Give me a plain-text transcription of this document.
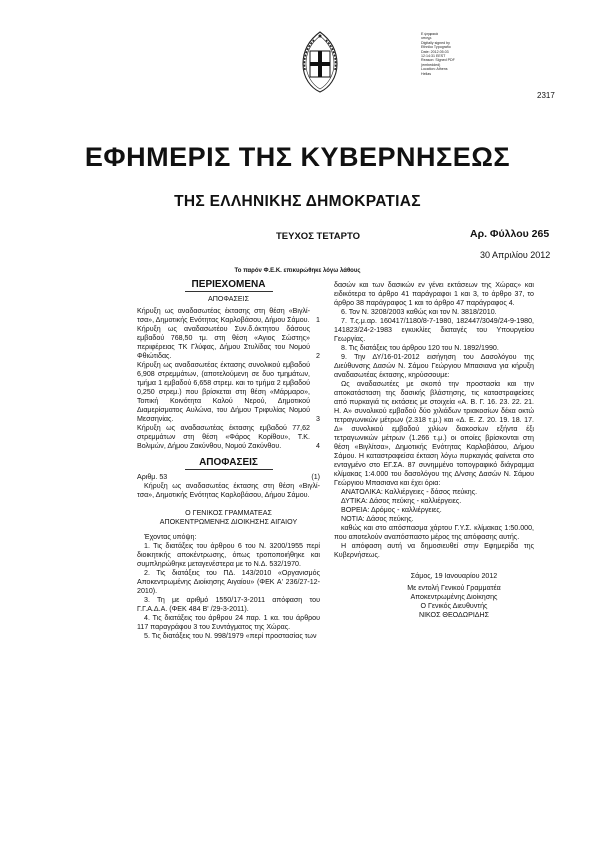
Ε ψηφιακά
υπογρ.
Digitally signed by
Ethniko Typografio
Date: 2012.05.03
12:14:31 EEST
Reason: Signed PDF
(embedded)
Location: Athens
Hellas
2317
ΕΦΗΜΕΡΙΣ ΤΗΣ ΚΥΒΕΡΝΗΣΕΩΣ
ΤΗΣ ΕΛΛΗΝΙΚΗΣ ΔΗΜΟΚΡΑΤΙΑΣ
ΤΕΥΧΟΣ ΤΕΤΑΡΤΟ	Αρ. Φύλλου 265
30 Απριλίου 2012
Το παρόν Φ.Ε.Κ. επικυρώθηκε λόγω λάθους
ΠΕΡΙΕΧΟΜΕΝΑ
ΑΠΟΦΑΣΕΙΣ
Κήρυξη ως αναδασωτέας έκτασης στη θέση «Βιγλί-τσα», Δημοτικής Ενότητας Καρλοβάσου, Δήμου Σάμου. 1
Κήρυξη ως αναδασωτέου Συν.δ.όκτητου δάσους εμβαδού 768,50 τμ. στη θέση «Αγιος Σώστης» περιφέρειας ΤΚ Γλύφας, Δήμου Στυλίδας του Νομού Φθιώτιδας.	2
Κήρυξη ως αναδασωτέας έκτασης συνολικού εμβαδού 6,908 στρεμμάτων, (αποτελούμενη σε δυο τμημάτων, τμήμα 1 εμβαδού 6,658 στρεμ. και το τμήμα 2 εμβαδού 0,250 στρεμ.) που βρίσκεται στη θέση «Μάρμαρο», Τοπική Κοινότητα Καλού Νερού, Δημοτικού Διαμερίσματος Αυλώνα, του Δήμου Τριφυλίας Νομού Μεσσηνίας.	3
Κήρυξη ως αναδασωτέας έκτασης εμβαδού 77,62 στρεμμάτων στη θέση «Φάρος Κορίθου», Τ.Κ. Βολιμών, Δήμου Ζακύνθου, Νομού Ζακύνθου.	4
ΑΠΟΦΑΣΕΙΣ
Αριθμ. 53	(1)

Κήρυξη ως αναδασωτέας έκτασης στη θέση «Βιγλί-τσα», Δημοτικής Ενότητας Καρλοβάσου, Δήμου Σάμου.

Ο ΓΕΝΙΚΟΣ ΓΡΑΜΜΑΤΕΑΣ

ΑΠΟΚΕΝΤΡΩΜΕΝΗΣ ΔΙΟΙΚΗΣΗΣ ΑΙΓΑΙΟΥ

Έχοντας υπόψη:

1. Τις διατάξεις του άρθρου 6 του Ν. 3200/1955 περί διοικητικής αποκέντρωσης, όπως τροποποιήθηκε και συμπληρώθηκε μεταγενέστερα με το Ν.Δ. 532/1970.

2. Τις διατάξεις του ΠΔ. 143/2010 «Οργανισμός Αποκεντρωμένης Διοίκησης Αιγαίου» (ΦΕΚ Α' 236/27-12-2010).

3. Τη με αριθμό 1550/17-3-2011 απόφαση του Γ.Γ.Α.Δ.Α. (ΦΕΚ 484 Β' /29-3-2011).

4. Τις διατάξεις του άρθρου 24 παρ. 1 κα. του άρθρου 117 παραγράφου 3 του Συντάγματος της Χώρας.

5. Τις διατάξεις του Ν. 998/1979 «περί προστασίας των

δασών και των δασικών εν γένει εκτάσεων της Χώρας» και ειδικότερα το άρθρο 41 παράγραφοι 1 και 3, το άρθρο 37, το άρθρο 38 παράγραφος 1 και το άρθρο 47 παράγραφος 4.

6. Τον Ν. 3208/2003 καθώς και τον Ν. 3818/2010.

7. Τ.ς.μ.αρ. 160417/1180/8-7-1980, 182447/3049/24-9-1980, 141823/24-2-1983 εγκυκλίες διαταγές του Υπουργείου Γεωργίας.

8. Τις διατάξεις του άρθρου 120 του Ν. 1892/1990.

9. Την ΔΥ/16-01-2012 εισήγηση του Δασολόγου της Διεύθυνσης Δασών Ν. Σάμου Γεώργιου Μπασιανα για κήρυξη αναδασωτέας έκτασης, κηρύσσουμε:

Ως αναδασωτέες με σκοπό την προστασία και την αποκατάσταση της δασικής βλάστησης, τις καταστραφείσες από πυρκαγιά τις εκτάσεις με στοιχεία «Α. Β. Γ. 16. 23. 22. 21. Η. Α» συνολικού εμβαδού δύο χιλιάδων τριακοσίων δέκα οκτώ τετραγωνικών μέτρων (2.318 τ.μ.) και «Δ. Ε. Ζ. 20. 19. 18. 17. Δ» συνολικού εμβαδού χιλίων διακοσίων εξήντα έξι τετραγωνικών μέτρων (1.266 τ.μ.) οι οποίες βρίσκονται στη θέση «Βιγλίτσα», Δημοτικής Ενότητας Καρλοβάσου, Δήμου Σάμου. Η καταστραφείσα έκταση λόγω πυρκαγιάς φαίνεται στο ενταγμένο στο ΕΓ.ΣΑ. 87 συνημμένο τοπογραφικό διάγραμμα κλίμακας 1:4.000 του δασολόγου της Δ/νσης Δασών Ν. Σάμου Γεώργιου Μπασιανα και έχει όρια:

ΑΝΑΤΟΛΙΚΑ: Καλλιέργειες - δάσος πεύκης.

ΔΥΤΙΚΑ: Δάσος πεύκης - καλλιέργειες.

ΒΟΡΕΙΑ: Δρόμος - καλλιέργειες.

ΝΟΤΙΑ: Δάσος πεύκης.

καθώς και στο απόσπασμα χάρτου Γ.Υ.Σ. κλίμακας 1:50.000, που αποτελούν αναπόσπαστο μέρος της απόφασης αυτής.

Η απόφαση αυτή να δημοσιευθεί στην Εφημερίδα της Κυβερνήσεως.

Σάμος, 19 Ιανουαρίου 2012

Με εντολή Γενικού Γραμματέα

Αποκεντρωμένης Διοίκησης

Ο Γενικός Διευθυντής

ΝΙΚΟΣ ΘΕΟΔΩΡΙΔΗΣ
